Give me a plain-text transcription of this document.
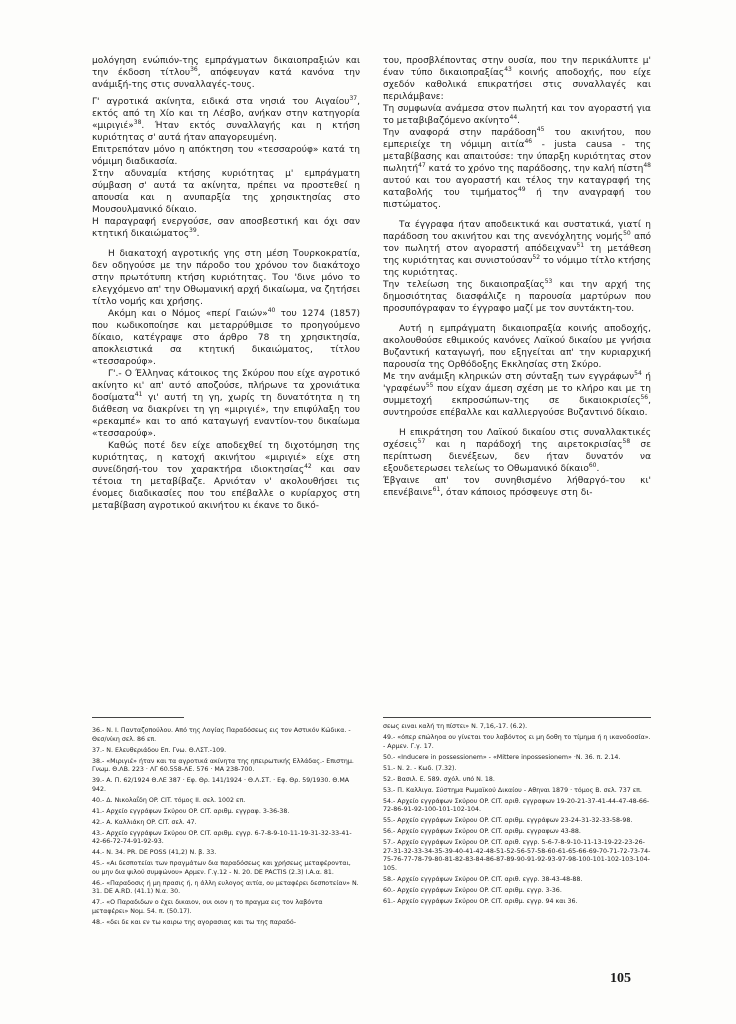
μολόγηση ενώπιόν-της εμπράγματων δικαιοπραξιών και την έκδοση τίτλου$^{36}$, απόφευγαν κατά κανόνα την ανάμιξή-της στις συναλλαγές-τους.

Γ' αγροτικά ακίνητα, ειδικά στα νησιά του Αιγαίου$^{37}$, εκτός από τη Χίο και τη Λέσβο, ανήκαν στην κατηγορία «μιριγιέ»$^{38}$. Ήταν εκτός συναλλαγής και η κτήση κυριότητας σ' αυτά ήταν απαγορευμένη.

Επιτρεπόταν μόνο η απόκτηση του «τεσσαρούφ» κατά τη νόμιμη διαδικασία.

Στην αδυναμία κτήσης κυριότητας μ' εμπράγματη σύμβαση σ' αυτά τα ακίνητα, πρέπει να προστεθεί η απουσία και η ανυπαρξία της χρησικτησίας στο Μουσουλμανικό δίκαιο.

Η παραγραφή ενεργούσε, σαν αποσβεστική και όχι σαν κτητική δικαιώματος$^{39}$.

Η διακατοχή αγροτικής γης στη μέση Τουρκοκρατία, δεν οδηγούσε με την πάροδο του χρόνου τον διακάτοχο στην πρωτότυπη κτήση κυριότητας. Του 'δινε μόνο το ελεγχόμενο απ' την Οθωμανική αρχή δικαίωμα, να ζητήσει τίτλο νομής και χρήσης.

Ακόμη και ο Νόμος «περί Γαιών»$^{40}$ του 1274 (1857) που κωδικοποίησε και μεταρρύθμισε το προηγούμενο δίκαιο, κατέγραψε στο άρθρο 78 τη χρησικτησία, αποκλειστικά σα κτητική δικαιώματος, τίτλου «τεσσαρούφ».

Γ'.- Ο Έλληνας κάτοικος της Σκύρου που είχε αγροτικό ακίνητο κι' απ' αυτό αποζούσε, πλήρωνε τα χρονιάτικα δοσίματα$^{41}$ γι' αυτή τη γη, χωρίς τη δυνατότητα η τη διάθεση να διακρίνει τη γη «μιριγιέ», την επιφύλαξη του «ρεκαμπέ» και το από καταγωγή εναντίον-του δικαίωμα «τεσσαρούφ».

Καθώς ποτέ δεν είχε αποδεχθεί τη διχοτόμηση της κυριότητας, η κατοχή ακινήτου «μιριγιέ» είχε στη συνείδησή-του τον χαρακτήρα ιδιοκτησίας$^{42}$ και σαν τέτοια τη μεταβίβαζε. Αρνιόταν ν' ακολουθήσει τις ένομες διαδικασίες που του επέβαλλε ο κυρίαρχος στη μεταβίβαση αγροτικού ακινήτου κι έκανε το δικό-

του, προσβλέποντας στην ουσία, που την περικάλυπτε μ' έναν τύπο δικαιοπραξίας$^{43}$ κοινής αποδοχής, που είχε σχεδόν καθολικά επικρατήσει στις συναλλαγές και περιλάμβανε:

Τη συμφωνία ανάμεσα στον πωλητή και τον αγοραστή για το μεταβιβαζόμενο ακίνητο$^{44}$.

Την αναφορά στην παράδοση$^{45}$ του ακινήτου, που εμπεριείχε τη νόμιμη αιτία$^{46}$ - justa causa - της μεταβίβασης και απαιτούσε: την ύπαρξη κυριότητας στον πωλητή$^{47}$ κατά το χρόνο της παράδοσης, την καλή πίστη$^{48}$ αυτού και του αγοραστή και τέλος την καταγραφή της καταβολής του τιμήματος$^{49}$ ή την αναγραφή του πιστώματος.

Τα έγγραφα ήταν αποδεικτικά και συστατικά, γιατί η παράδοση του ακινήτου και της ανενόχλητης νομής$^{50}$ από τον πωλητή στον αγοραστή απόδειχναν$^{51}$ τη μετάθεση της κυριότητας και συνιστούσαν$^{52}$ το νόμιμο τίτλο κτήσης της κυριότητας.

Την τελείωση της δικαιοπραξίας$^{53}$ και την αρχή της δημοσιότητας διασφάλιζε η παρουσία μαρτύρων που προσυπόγραφαν το έγγραφο μαζί με τον συντάκτη-του.

Αυτή η εμπράγματη δικαιοπραξία κοινής αποδοχής, ακολουθούσε εθιμικούς κανόνες Λαϊκού δικαίου με γνήσια Βυζαντική καταγωγή, που εξηγείται απ' την κυριαρχική παρουσία της Ορθόδοξης Εκκλησίας στη Σκύρο.

Με την ανάμιξη κληρικών στη σύνταξη των εγγράφων$^{54}$ ή 'γραφέων$^{55}$ που είχαν άμεση σχέση με το κλήρο και με τη συμμετοχή εκπροσώπων-της σε δικαιοκρισίες$^{56}$, συντηρούσε επέβαλλε και καλλιεργούσε Βυζαντινό δίκαιο.

Η επικράτηση του Λαϊκού δικαίου στις συναλλακτικές σχέσεις$^{57}$ και η παράδοχή της αιρετοκρισίας$^{58}$ σε περίπτωση διενέξεων, δεν ήταν δυνατόν να εξουδετερωσει τελείως το Οθωμανικό δίκαιο$^{60}$.

Έβγαινε απ' τον συνηθισμένο λήθαργό-του κι' επενέβαινε$^{61}$, όταν κάποιος πρόσφευγε στη δι-

36.- Ν. Ι. Πανταζοπούλου. Από της Λογίας Παραδόσεως εις τον Αστικόν Κώδικα. - Θεσ/νίκη σελ. 86 επ.
37.- Ν. Ελευθεριάδου Επ. Γνω. Θ.ΛΣΤ.-109.
38.- «Μιριγιέ» ήταν και τα αγροτικά ακίνητα της ηπειρωτικής Ελλάδας.- Επιστημ. Γνωμ. Θ.ΛΒ. 223 · ΛΓ 60.558-ΛΕ. 576 · ΜΑ 238-700.
39.- Α. Π. 62/1924 Θ.ΛΕ 387 · Εφ. Θρ. 141/1924 · Θ.Λ.ΣΤ. · Εφ. Θρ. 59/1930. Θ.ΜΑ 942.
40.- Δ. Νικολαΐδη OP. CIT. τόμος ΙΙ. σελ. 1002 επ.
41.- Αρχείο εγγράφων Σκύρου OP. CIT. αριθμ. εγγραφ. 3-36-38.
42.- Α. Καλλιάκη OP. CIT. σελ. 47.
43.- Αρχείο εγγράφων Σκύρου OP. CIT. αριθμ. εγγρ. 6-7-8-9-10-11-19-31-32-33-41-42-66-72-74-91-92-93.
44.- Ν. 34. PR. DE POSS (41,2) Ν. β. 33.
45.- «Αι δεσποτείαι των πραγμάτων δια παραδόσεως και χρήσεως μεταφέρονται, ου μην δια ψιλού συμφώνου» Αρμεν. Γ.γ.12 - Ν. 20. DE PACTIS (2.3) Ι.Α.α. 81.
46.- «Παραδοσις ή μη πρασις ή, η άλλη ευλογος αιτία, ου μεταφέρει δεσποτείαν» Ν. 31. DE A.RD. (41.1) Ν.α. 30.
47.- «Ο Παραδιδων ο έχει δικαιον, ουι οιον η το πραγμα εις τον λαβόντα μεταφέρει» Νομ. 54. π. (50.17).
48.- «δει δε και εν τω καιρω της αγορασιας και τω της παραδό-
σεως ειναι καλή τη πίστει» Ν. 7,16,-17. (6.2).
49.- «όπερ επώληοα ου γίνεται του λαβόντος ει μη δοθη το τίμημα ή η ικανοδοσία». - Αρμεν. Γ.γ. 17.
50.- «Inducere in possessionem» - «Mittere inpossesionem» ·Ν. 36. π. 2.14.
51.- Ν. 2. - Κωδ. (7.32).
52.- Βασιλ. Ε. 589. σχόλ. υπό Ν. 18.
53.- Π. Καλλιγα. Σύστημα Ρωμαϊκού Δικαίου - Αθηναι 1879 · τόμος Β. σελ. 737 επ.
54.- Αρχείο εγγράφων Σκύρου OP. CIT. αριθ. εγγραφων 19-20-21-37-41-44-47-48-66-72-86-91-92-100-101-102-104.
55.- Αρχείο εγγράφων Σκύρου OP. CIT. αριθμ. εγγράφων 23-24-31-32-33-58-98.
56.- Αρχείο εγγράφων Σκύρου OP. CIT. αριθμ. εγγραφων 43-88.
57.- Αρχείο εγγράφων Σκύρου OP. CIT. αριθ. εγγρ. 5-6-7-8-9-10-11-13-19-22-23-26-27-31-32-33-34-35-39-40-41-42-48-51-52-56-57-58-60-61-65-66-69-70-71-72-73-74-75-76-77-78-79-80-81-82-83-84-86-87-89-90-91-92-93-97-98-100-101-102-103-104-105.
58.- Αρχείο εγγράφων Σκύρου OP. CIT. αριθ. εγγρ. 38-43-48-88.
60.- Αρχείο εγγράφων Σκύρου OP. CIT. αριθμ. εγγρ. 3-36.
61.- Αρχείο εγγράφων Σκύρου OP. CIT. αριθμ. εγγρ. 94 και 36.
105
